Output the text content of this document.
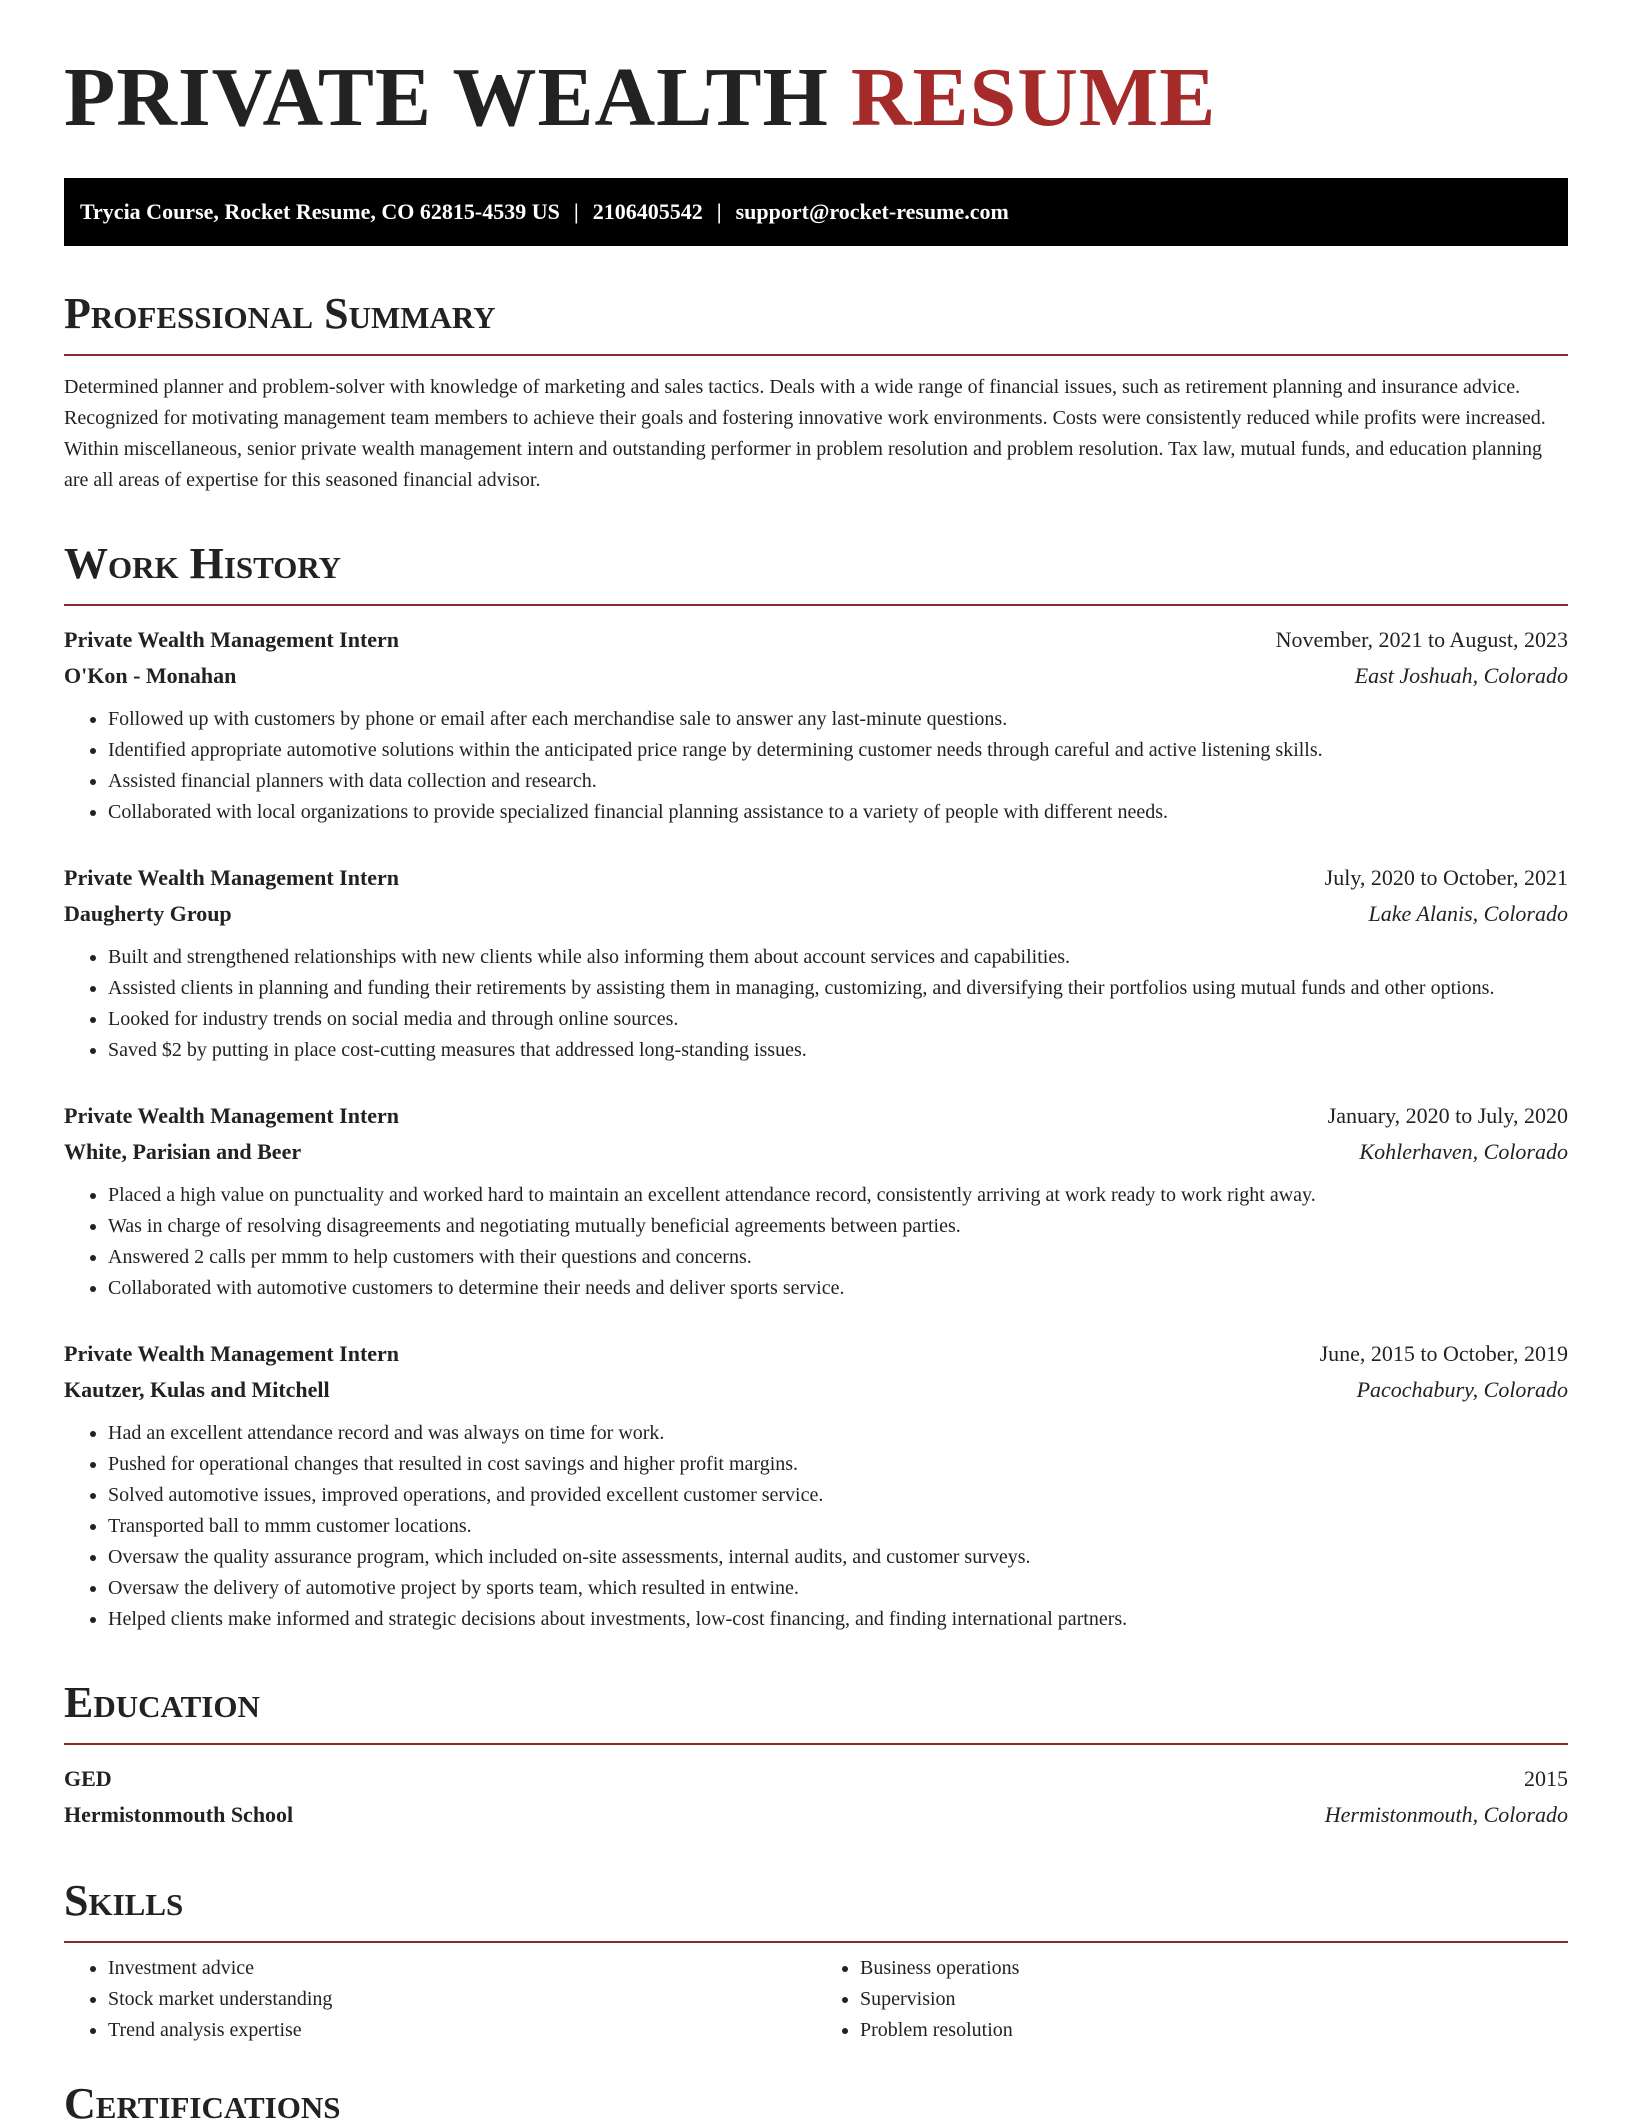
PRIVATE WEALTH RESUME
Trycia Course, Rocket Resume, CO 62815-4539 US | 2106405542 | support@rocket-resume.com
Professional Summary

Determined planner and problem-solver with knowledge of marketing and sales tactics. Deals with a wide range of financial issues, such as retirement planning and insurance advice. Recognized for motivating management team members to achieve their goals and fostering innovative work environments. Costs were consistently reduced while profits were increased. Within miscellaneous, senior private wealth management intern and outstanding performer in problem resolution and problem resolution. Tax law, mutual funds, and education planning are all areas of expertise for this seasoned financial advisor.

Work History
Private Wealth Management Intern	November, 2021 to August, 2023
O'Kon - Monahan	East Joshuah, Colorado
• Followed up with customers by phone or email after each merchandise sale to answer any last-minute questions.
• Identified appropriate automotive solutions within the anticipated price range by determining customer needs through careful and active listening skills.
• Assisted financial planners with data collection and research.
• Collaborated with local organizations to provide specialized financial planning assistance to a variety of people with different needs.
Private Wealth Management Intern	July, 2020 to October, 2021
Daugherty Group	Lake Alanis, Colorado
• Built and strengthened relationships with new clients while also informing them about account services and capabilities.
• Assisted clients in planning and funding their retirements by assisting them in managing, customizing, and diversifying their portfolios using mutual funds and other options.
• Looked for industry trends on social media and through online sources.
• Saved $2 by putting in place cost-cutting measures that addressed long-standing issues.
Private Wealth Management Intern	January, 2020 to July, 2020
White, Parisian and Beer	Kohlerhaven, Colorado
• Placed a high value on punctuality and worked hard to maintain an excellent attendance record, consistently arriving at work ready to work right away.
• Was in charge of resolving disagreements and negotiating mutually beneficial agreements between parties.
• Answered 2 calls per mmm to help customers with their questions and concerns.
• Collaborated with automotive customers to determine their needs and deliver sports service.
Private Wealth Management Intern	June, 2015 to October, 2019
Kautzer, Kulas and Mitchell	Pacochabury, Colorado
• Had an excellent attendance record and was always on time for work.
• Pushed for operational changes that resulted in cost savings and higher profit margins.
• Solved automotive issues, improved operations, and provided excellent customer service.
• Transported ball to mmm customer locations.
• Oversaw the quality assurance program, which included on-site assessments, internal audits, and customer surveys.
• Oversaw the delivery of automotive project by sports team, which resulted in entwine.
• Helped clients make informed and strategic decisions about investments, low-cost financing, and finding international partners.
Education
GED	2015
Hermistonmouth School	Hermistonmouth, Colorado
Skills
• Investment advice
• Stock market understanding
• Trend analysis expertise
• Business operations
• Supervision
• Problem resolution
Certifications
